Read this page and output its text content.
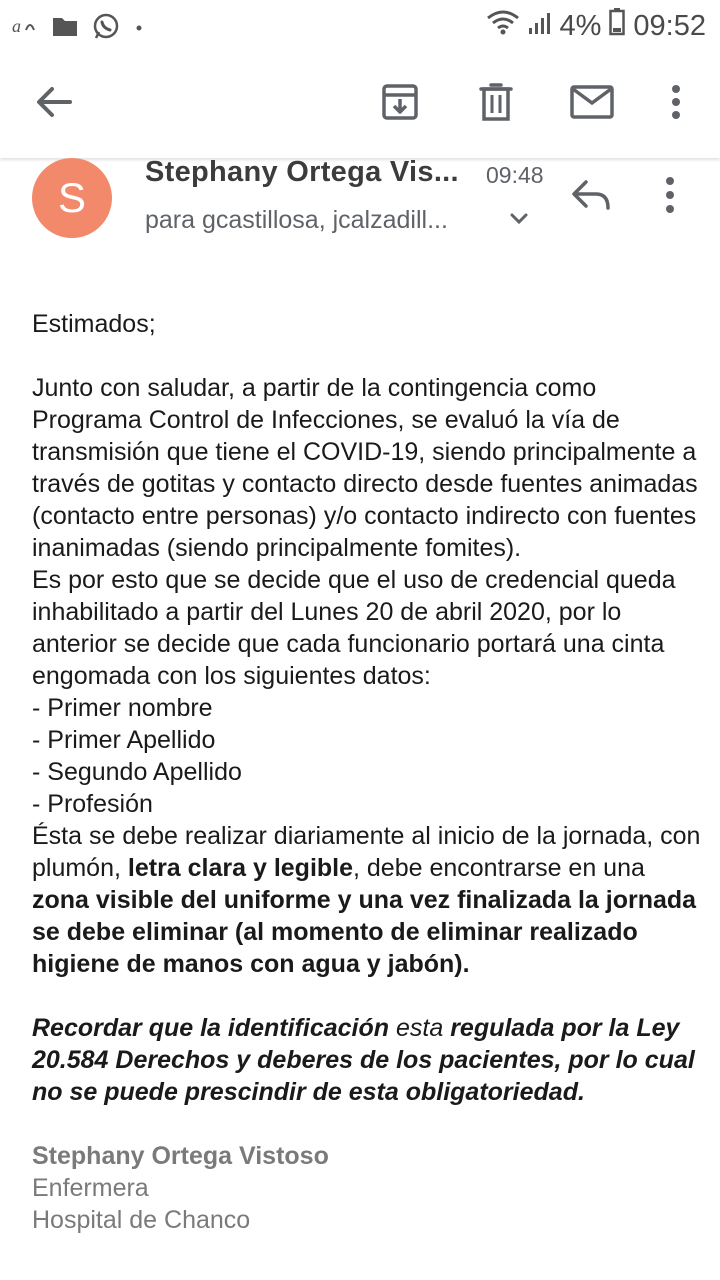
a	4% 09:52
S
Stephany Ortega Vis... 09:48
para gcastillosa, jcalzadill...

Estimados;

Junto con saludar, a partir de la contingencia como Programa Control de Infecciones, se evaluó la vía de transmisión que tiene el COVID-19, siendo principalmente a través de gotitas y contacto directo desde fuentes animadas (contacto entre personas) y/o contacto indirecto con fuentes inanimadas (siendo principalmente fomites).

Es por esto que se decide que el uso de credencial queda inhabilitado a partir del Lunes 20 de abril 2020, por lo anterior se decide que cada funcionario portará una cinta engomada con los siguientes datos:

- Primer nombre

- Primer Apellido

- Segundo Apellido

- Profesión

Ésta se debe realizar diariamente al inicio de la jornada, con plumón, letra clara y legible, debe encontrarse en una zona visible del uniforme y una vez finalizada la jornada se debe eliminar (al momento de eliminar realizado higiene de manos con agua y jabón).

Recordar que la identificación esta regulada por la Ley 20.584 Derechos y deberes de los pacientes, por lo cual no se puede prescindir de esta obligatoriedad.

Stephany Ortega Vistoso

Enfermera

Hospital de Chanco
